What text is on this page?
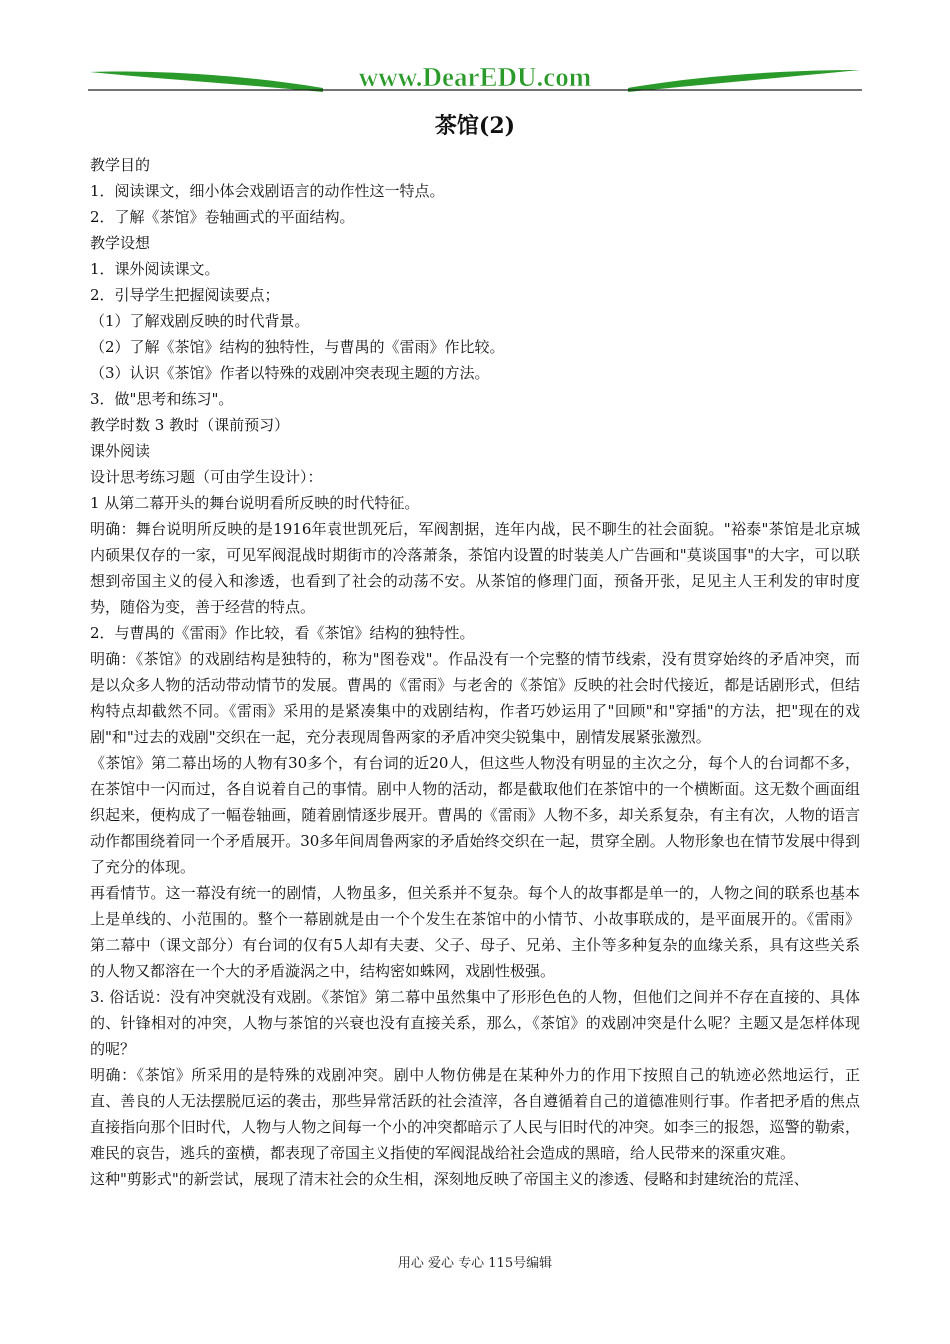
www.DearEDU.com
茶馆(2)

教学目的

1．阅读课文，细小体会戏剧语言的动作性这一特点。

2．了解《茶馆》卷轴画式的平面结构。

教学设想

1．课外阅读课文。

2．引导学生把握阅读要点；

（1）了解戏剧反映的时代背景。

（2）了解《茶馆》结构的独特性，与曹禺的《雷雨》作比较。

（3）认识《茶馆》作者以特殊的戏剧冲突表现主题的方法。

3．做"思考和练习"。

教学时数 3 教时（课前预习）

课外阅读

设计思考练习题（可由学生设计）：

1 从第二幕开头的舞台说明看所反映的时代特征。

明确：舞台说明所反映的是1916年袁世凯死后，军阀割据，连年内战，民不聊生的社会面貌。"裕泰"茶馆是北京城内硕果仅存的一家，可见军阀混战时期街市的冷落萧条，茶馆内设置的时装美人广告画和"莫谈国事"的大字，可以联想到帝国主义的侵入和渗透，也看到了社会的动荡不安。从茶馆的修理门面，预备开张，足见主人王利发的审时度势，随俗为变，善于经营的特点。

2．与曹禺的《雷雨》作比较，看《茶馆》结构的独特性。

明确：《茶馆》的戏剧结构是独特的，称为"图卷戏"。作品没有一个完整的情节线索，没有贯穿始终的矛盾冲突，而是以众多人物的活动带动情节的发展。曹禺的《雷雨》与老舍的《茶馆》反映的社会时代接近，都是话剧形式，但结构特点却截然不同。《雷雨》采用的是紧凑集中的戏剧结构，作者巧妙运用了"回顾"和"穿插"的方法，把"现在的戏剧"和"过去的戏剧"交织在一起，充分表现周鲁两家的矛盾冲突尖锐集中，剧情发展紧张激烈。

《茶馆》第二幕出场的人物有30多个，有台词的近20人，但这些人物没有明显的主次之分，每个人的台词都不多，在茶馆中一闪而过，各自说着自己的事情。剧中人物的活动，都是截取他们在茶馆中的一个横断面。这无数个画面组织起来，便构成了一幅卷轴画，随着剧情逐步展开。曹禺的《雷雨》人物不多，却关系复杂，有主有次，人物的语言动作都围绕着同一个矛盾展开。30多年间周鲁两家的矛盾始终交织在一起，贯穿全剧。人物形象也在情节发展中得到了充分的体现。

再看情节。这一幕没有统一的剧情，人物虽多，但关系并不复杂。每个人的故事都是单一的，人物之间的联系也基本上是单线的、小范围的。整个一幕剧就是由一个个发生在茶馆中的小情节、小故事联成的，是平面展开的。《雷雨》第二幕中（课文部分）有台词的仅有5人却有夫妻、父子、母子、兄弟、主仆等多种复杂的血缘关系，具有这些关系的人物又都溶在一个大的矛盾漩涡之中，结构密如蛛网，戏剧性极强。

3. 俗话说：没有冲突就没有戏剧。《茶馆》第二幕中虽然集中了形形色色的人物，但他们之间并不存在直接的、具体的、针锋相对的冲突，人物与茶馆的兴衰也没有直接关系，那么，《茶馆》的戏剧冲突是什么呢？主题又是怎样体现的呢？

明确：《茶馆》所采用的是特殊的戏剧冲突。剧中人物仿佛是在某种外力的作用下按照自己的轨迹必然地运行，正直、善良的人无法摆脱厄运的袭击，那些异常活跃的社会渣滓，各自遵循着自己的道德准则行事。作者把矛盾的焦点直接指向那个旧时代，人物与人物之间每一个小的冲突都暗示了人民与旧时代的冲突。如李三的报怨，巡警的勒索，难民的哀告，逃兵的蛮横，都表现了帝国主义指使的军阀混战给社会造成的黑暗，给人民带来的深重灾难。

这种"剪影式"的新尝试，展现了清末社会的众生相，深刻地反映了帝国主义的渗透、侵略和封建统治的荒淫、

用心 爱心 专心 115号编辑
